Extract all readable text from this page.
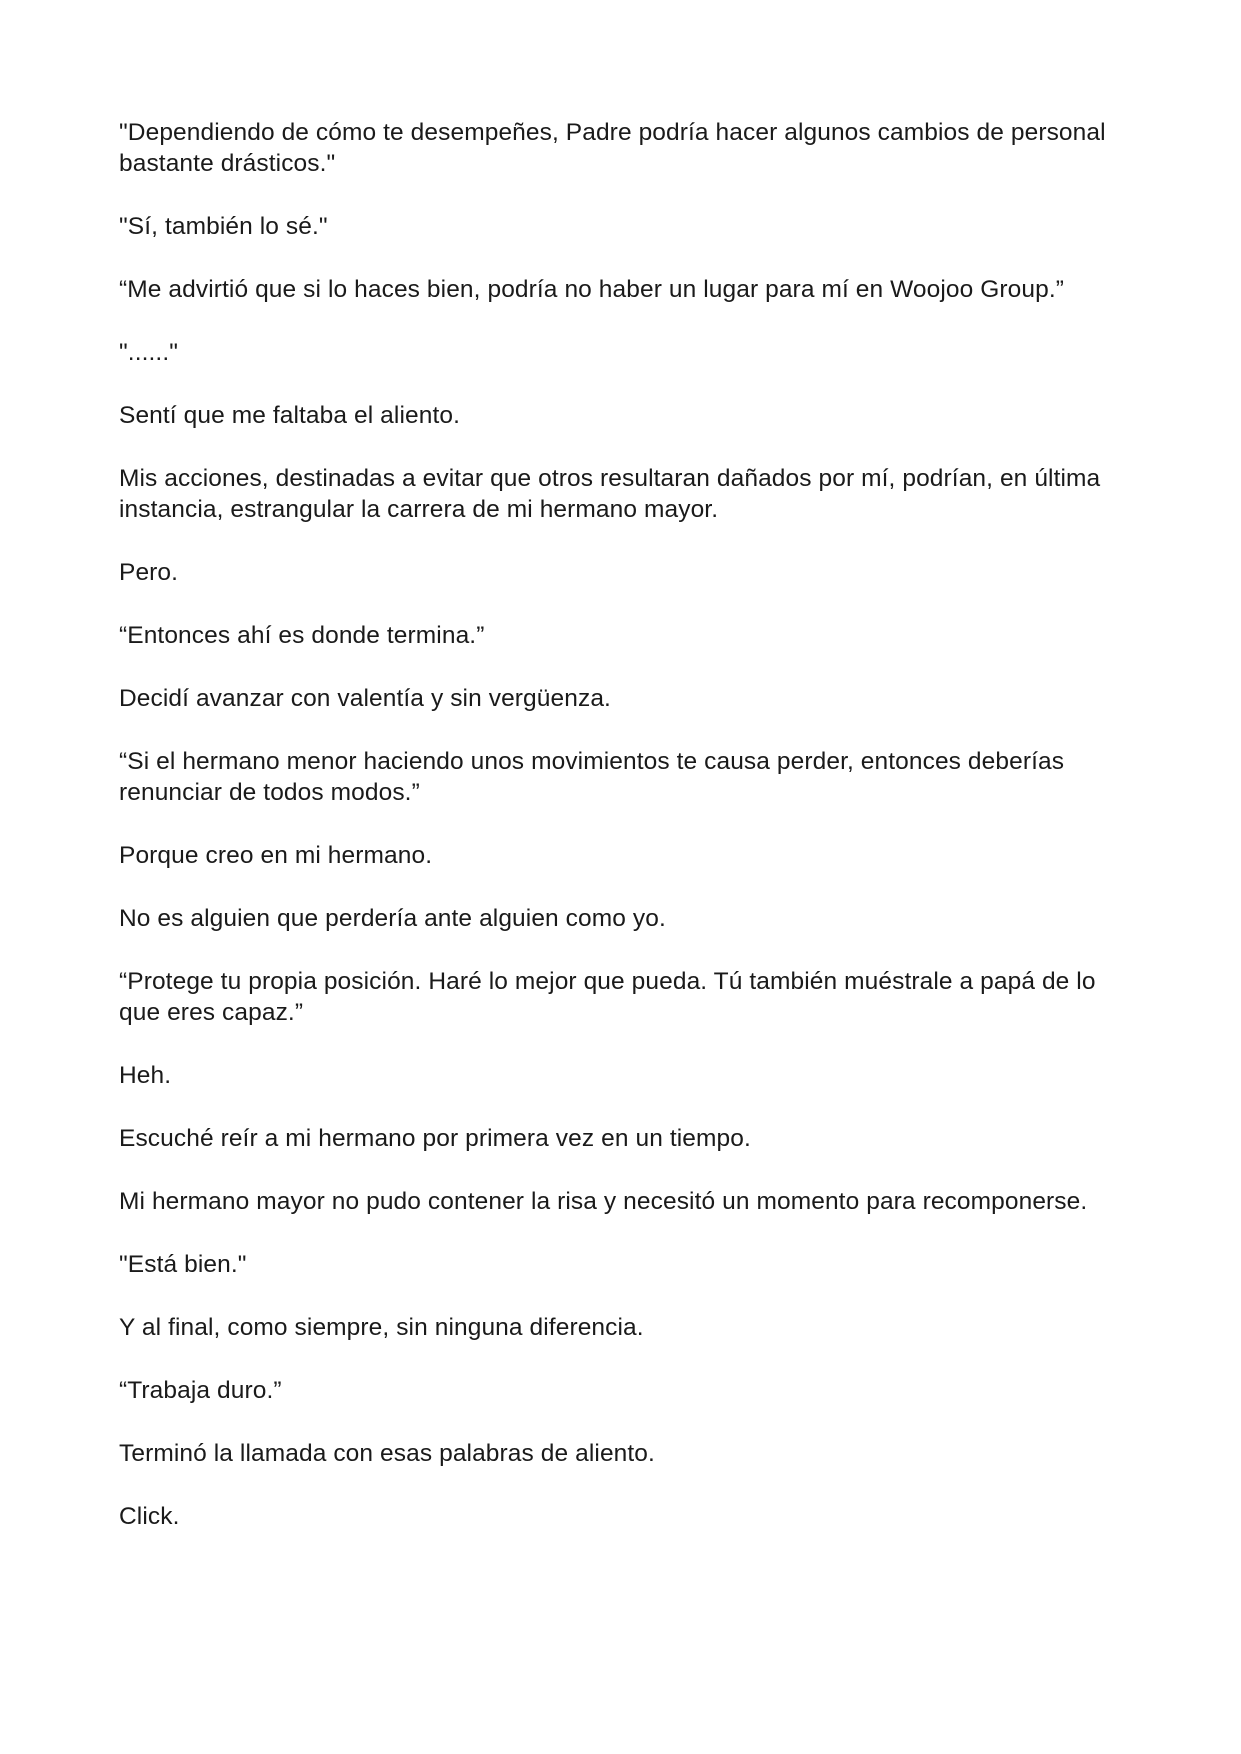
"Dependiendo de cómo te desempeñes, Padre podría hacer algunos cambios de personal bastante drásticos."

"Sí, también lo sé."

“Me advirtió que si lo haces bien, podría no haber un lugar para mí en Woojoo Group.”

"......"

Sentí que me faltaba el aliento.

Mis acciones, destinadas a evitar que otros resultaran dañados por mí, podrían, en última instancia, estrangular la carrera de mi hermano mayor.

Pero.

“Entonces ahí es donde termina.”

Decidí avanzar con valentía y sin vergüenza.

“Si el hermano menor haciendo unos movimientos te causa perder, entonces deberías renunciar de todos modos.”

Porque creo en mi hermano.

No es alguien que perdería ante alguien como yo.

“Protege tu propia posición. Haré lo mejor que pueda. Tú también muéstrale a papá de lo que eres capaz.”

Heh.

Escuché reír a mi hermano por primera vez en un tiempo.

Mi hermano mayor no pudo contener la risa y necesitó un momento para recomponerse.

"Está bien."

Y al final, como siempre, sin ninguna diferencia.

“Trabaja duro.”

Terminó la llamada con esas palabras de aliento.

Click.
